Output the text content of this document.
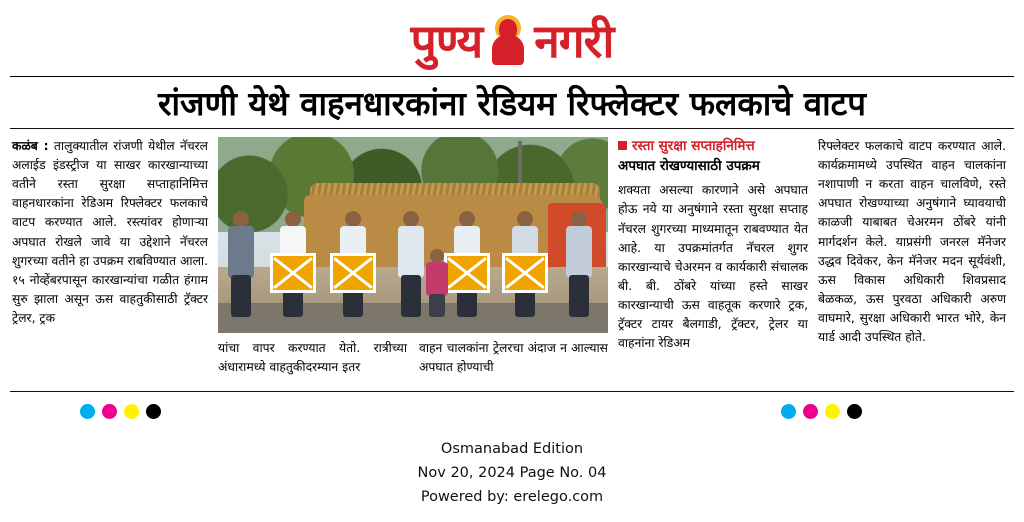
पुण्य नगरी
रांजणी येथे वाहनधारकांना रेडियम रिफ्लेक्टर फलकाचे वाटप
कळंब : तालुक्यातील रांजणी येथील नॅचरल अलाईड इंडस्ट्रीज या साखर कारखान्याच्या वतीने रस्ता सुरक्षा सप्ताहानिमित्त वाहनधारकांना रेडिअम रिफ्लेक्टर फलकाचे वाटप करण्यात आले. रस्त्यांवर होणाऱ्या अपघात रोखले जावे या उद्देशाने नॅचरल शुगरच्या वतीने हा उपक्रम राबविण्यात आला. १५ नोव्हेंबरपासून कारखान्यांचा गळीत हंगाम सुरु झाला असून ऊस वाहतुकीसाठी ट्रॅक्टर ट्रेलर, ट्रक
यांचा वापर करण्यात येतो. रात्रीच्या अंधारामध्ये वाहतुकीदरम्यान इतर
वाहन चालकांना ट्रेलरचा अंदाज न आल्यास अपघात होण्याची
रस्ता सुरक्षा सप्ताहनिमित्त
अपघात रोखण्यासाठी उपक्रम
शक्यता असल्या कारणाने असे अपघात होऊ नये या अनुषंगाने रस्ता सुरक्षा सप्ताह नॅचरल शुगरच्या माध्यमातून राबवण्यात येत आहे. या उपक्रमांतर्गत नॅचरल शुगर कारखान्याचे चेअरमन व कार्यकारी संचालक बी. बी. ठोंबरे यांच्या हस्ते साखर कारखान्याची ऊस वाहतूक करणारे ट्रक, ट्रॅक्टर टायर बैलगाडी, ट्रॅक्टर, ट्रेलर या वाहनांना रेडिअम
रिफ्लेक्टर फलकाचे वाटप करण्यात आले. कार्यक्रमामध्ये उपस्थित वाहन चालकांना नशापाणी न करता वाहन चालविणे, रस्ते अपघात रोखण्याच्या अनुषंगाने घ्यावयाची काळजी याबाबत चेअरमन ठोंबरे यांनी मार्गदर्शन केले. याप्रसंगी जनरल मॅनेजर उद्धव दिवेकर, केन मॅनेजर मदन सूर्यवंशी, ऊस विकास अधिकारी शिवप्रसाद बेळकळ, ऊस पुरवठा अधिकारी अरुण वाघमारे, सुरक्षा अधिकारी भारत भोरे, केन यार्ड आदी उपस्थित होते.
Osmanabad Edition
Nov 20, 2024 Page No. 04
Powered by: erelego.com
